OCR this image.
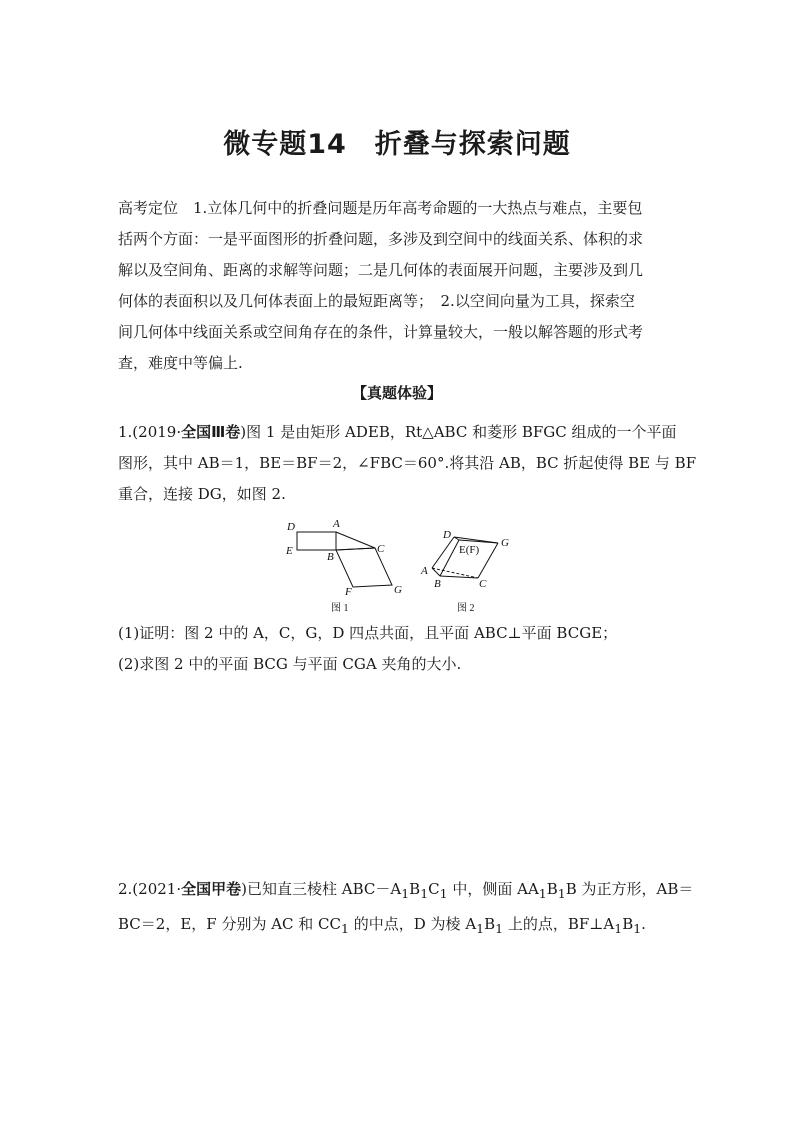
微专题14 折叠与探索问题

高考定位　1.立体几何中的折叠问题是历年高考命题的一大热点与难点，主要包

括两个方面：一是平面图形的折叠问题，多涉及到空间中的线面关系、体积的求

解以及空间角、距离的求解等问题；二是几何体的表面展开问题，主要涉及到几

何体的表面积以及几何体表面上的最短距离等；　2.以空间向量为工具，探索空

间几何体中线面关系或空间角存在的条件，计算量较大，一般以解答题的形式考

查，难度中等偏上.

【真题体验】

1.(2019·全国Ⅲ卷)图 1 是由矩形 ADEB，Rt△ABC 和菱形 BFGC 组成的一个平面

图形，其中 AB＝1，BE＝BF＝2，∠FBC＝60°.将其沿 AB，BC 折起使得 BE 与 BF

重合，连接 DG，如图 2.

D	A
E	B
C
F	G
图 1
D
E(F)
G
A
B	C
图 2

(1)证明：图 2 中的 A，C，G，D 四点共面，且平面 ABC⊥平面 BCGE；

(2)求图 2 中的平面 BCG 与平面 CGA 夹角的大小.

2.(2021·全国甲卷)已知直三棱柱 $ABC-A_1B_1C_1$ 中，侧面 $AA_1B_1B$ 为正方形，AB＝

BC＝2，E，F 分别为 AC 和 $CC_1$ 的中点，D 为棱 $A_1B_1$ 上的点，$BF\perp A_1B_1$.
